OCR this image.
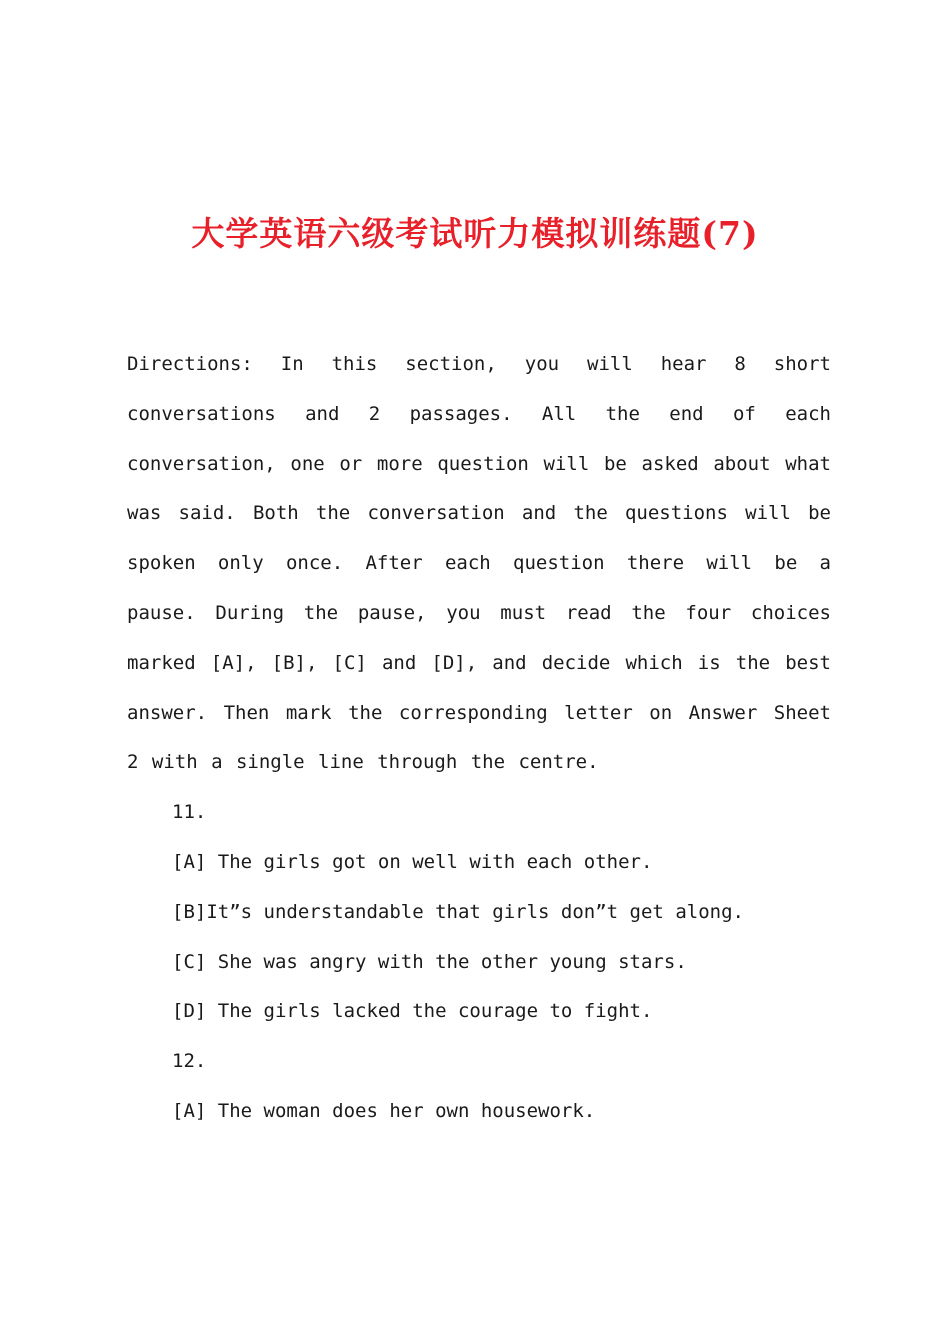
大学英语六级考试听力模拟训练题(7)

Directions: In this section, you will hear 8 short conversations and 2 passages. All the end of each conversation, one or more question will be asked about what was said. Both the conversation and the questions will be spoken only once. After each question there will be a pause. During the pause, you must read the four choices marked [A], [B], [C] and [D], and decide which is the best answer. Then mark the corresponding letter on Answer Sheet 2 with a single line through the centre.

11.

[A] The girls got on well with each other.

[B]It”s understandable that girls don”t get along.

[C] She was angry with the other young stars.

[D] The girls lacked the courage to fight.

12.

[A] The woman does her own housework.
